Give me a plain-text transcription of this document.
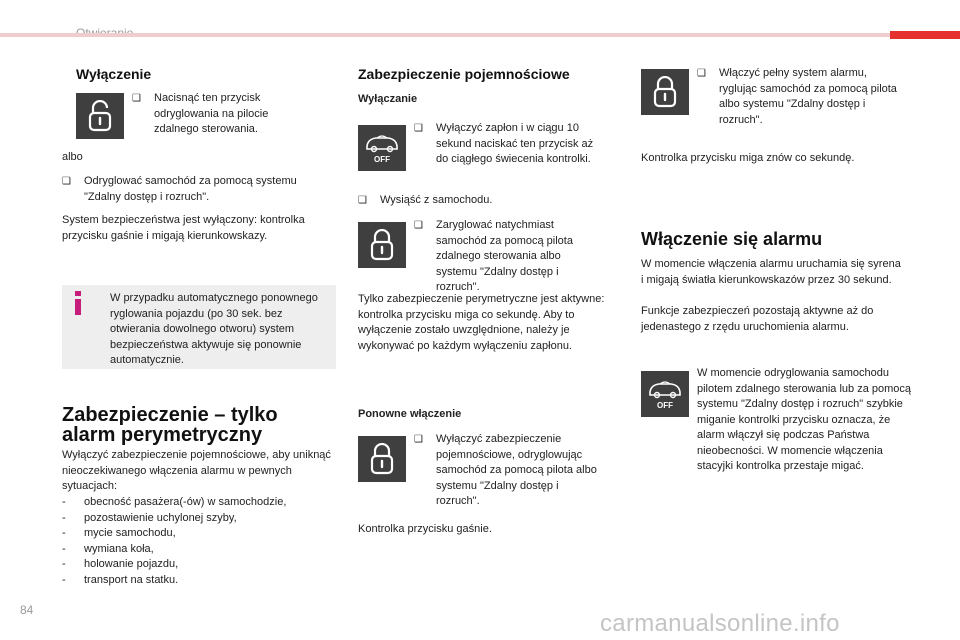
Wyłączenie
❑	Nacisnąć ten przycisk odryglowania na pilocie zdalnego sterowania.
albo
❑	Odryglować samochód za pomocą systemu "Zdalny dostęp i rozruch".
System bezpieczeństwa jest wyłączony: kontrolka przycisku gaśnie i migają kierunkowskazy.
W przypadku automatycznego ponownego ryglowania pojazdu (po 30 sek. bez otwierania dowolnego otworu) system bezpieczeństwa aktywuje się ponownie automatycznie.
Zabezpieczenie – tylko
alarm perymetryczny
Wyłączyć zabezpieczenie pojemnościowe, aby uniknąć nieoczekiwanego włączenia alarmu w pewnych sytuacjach:
-	obecność pasażera(-ów) w samochodzie,
-	pozostawienie uchylonej szyby,
-	mycie samochodu,
-	wymiana koła,
-	holowanie pojazdu,
-	transport na statku.
Zabezpieczenie pojemnościowe
Wyłączanie
OFF
❑	Wyłączyć zapłon i w ciągu 10 sekund naciskać ten przycisk aż do ciągłego świecenia kontrolki.
❑	Wysiąść z samochodu.
❑	Zaryglować natychmiast samochód za pomocą pilota zdalnego sterowania albo systemu "Zdalny dostęp i rozruch".
Tylko zabezpieczenie perymetryczne jest aktywne: kontrolka przycisku miga co sekundę. Aby to wyłączenie zostało uwzględnione, należy je wykonywać po każdym wyłączeniu zapłonu.
Ponowne włączenie
❑	Wyłączyć zabezpieczenie pojemnościowe, odryglowując samochód za pomocą pilota albo systemu "Zdalny dostęp i rozruch".
Kontrolka przycisku gaśnie.
❑	Włączyć pełny system alarmu, ryglując samochód za pomocą pilota albo systemu "Zdalny dostęp i rozruch".
Kontrolka przycisku miga znów co sekundę.
Włączenie się alarmu
W momencie włączenia alarmu uruchamia się syrena i migają światła kierunkowskazów przez 30 sekund.
Funkcje zabezpieczeń pozostają aktywne aż do jedenastego z rzędu uruchomienia alarmu.
OFF
W momencie odryglowania samochodu pilotem zdalnego sterowania lub za pomocą systemu "Zdalny dostęp i rozruch" szybkie miganie kontrolki przycisku oznacza, że alarm włączył się podczas Państwa nieobecności. W momencie włączenia stacyjki kontrolka przestaje migać.
84	carmanualsonline.info
